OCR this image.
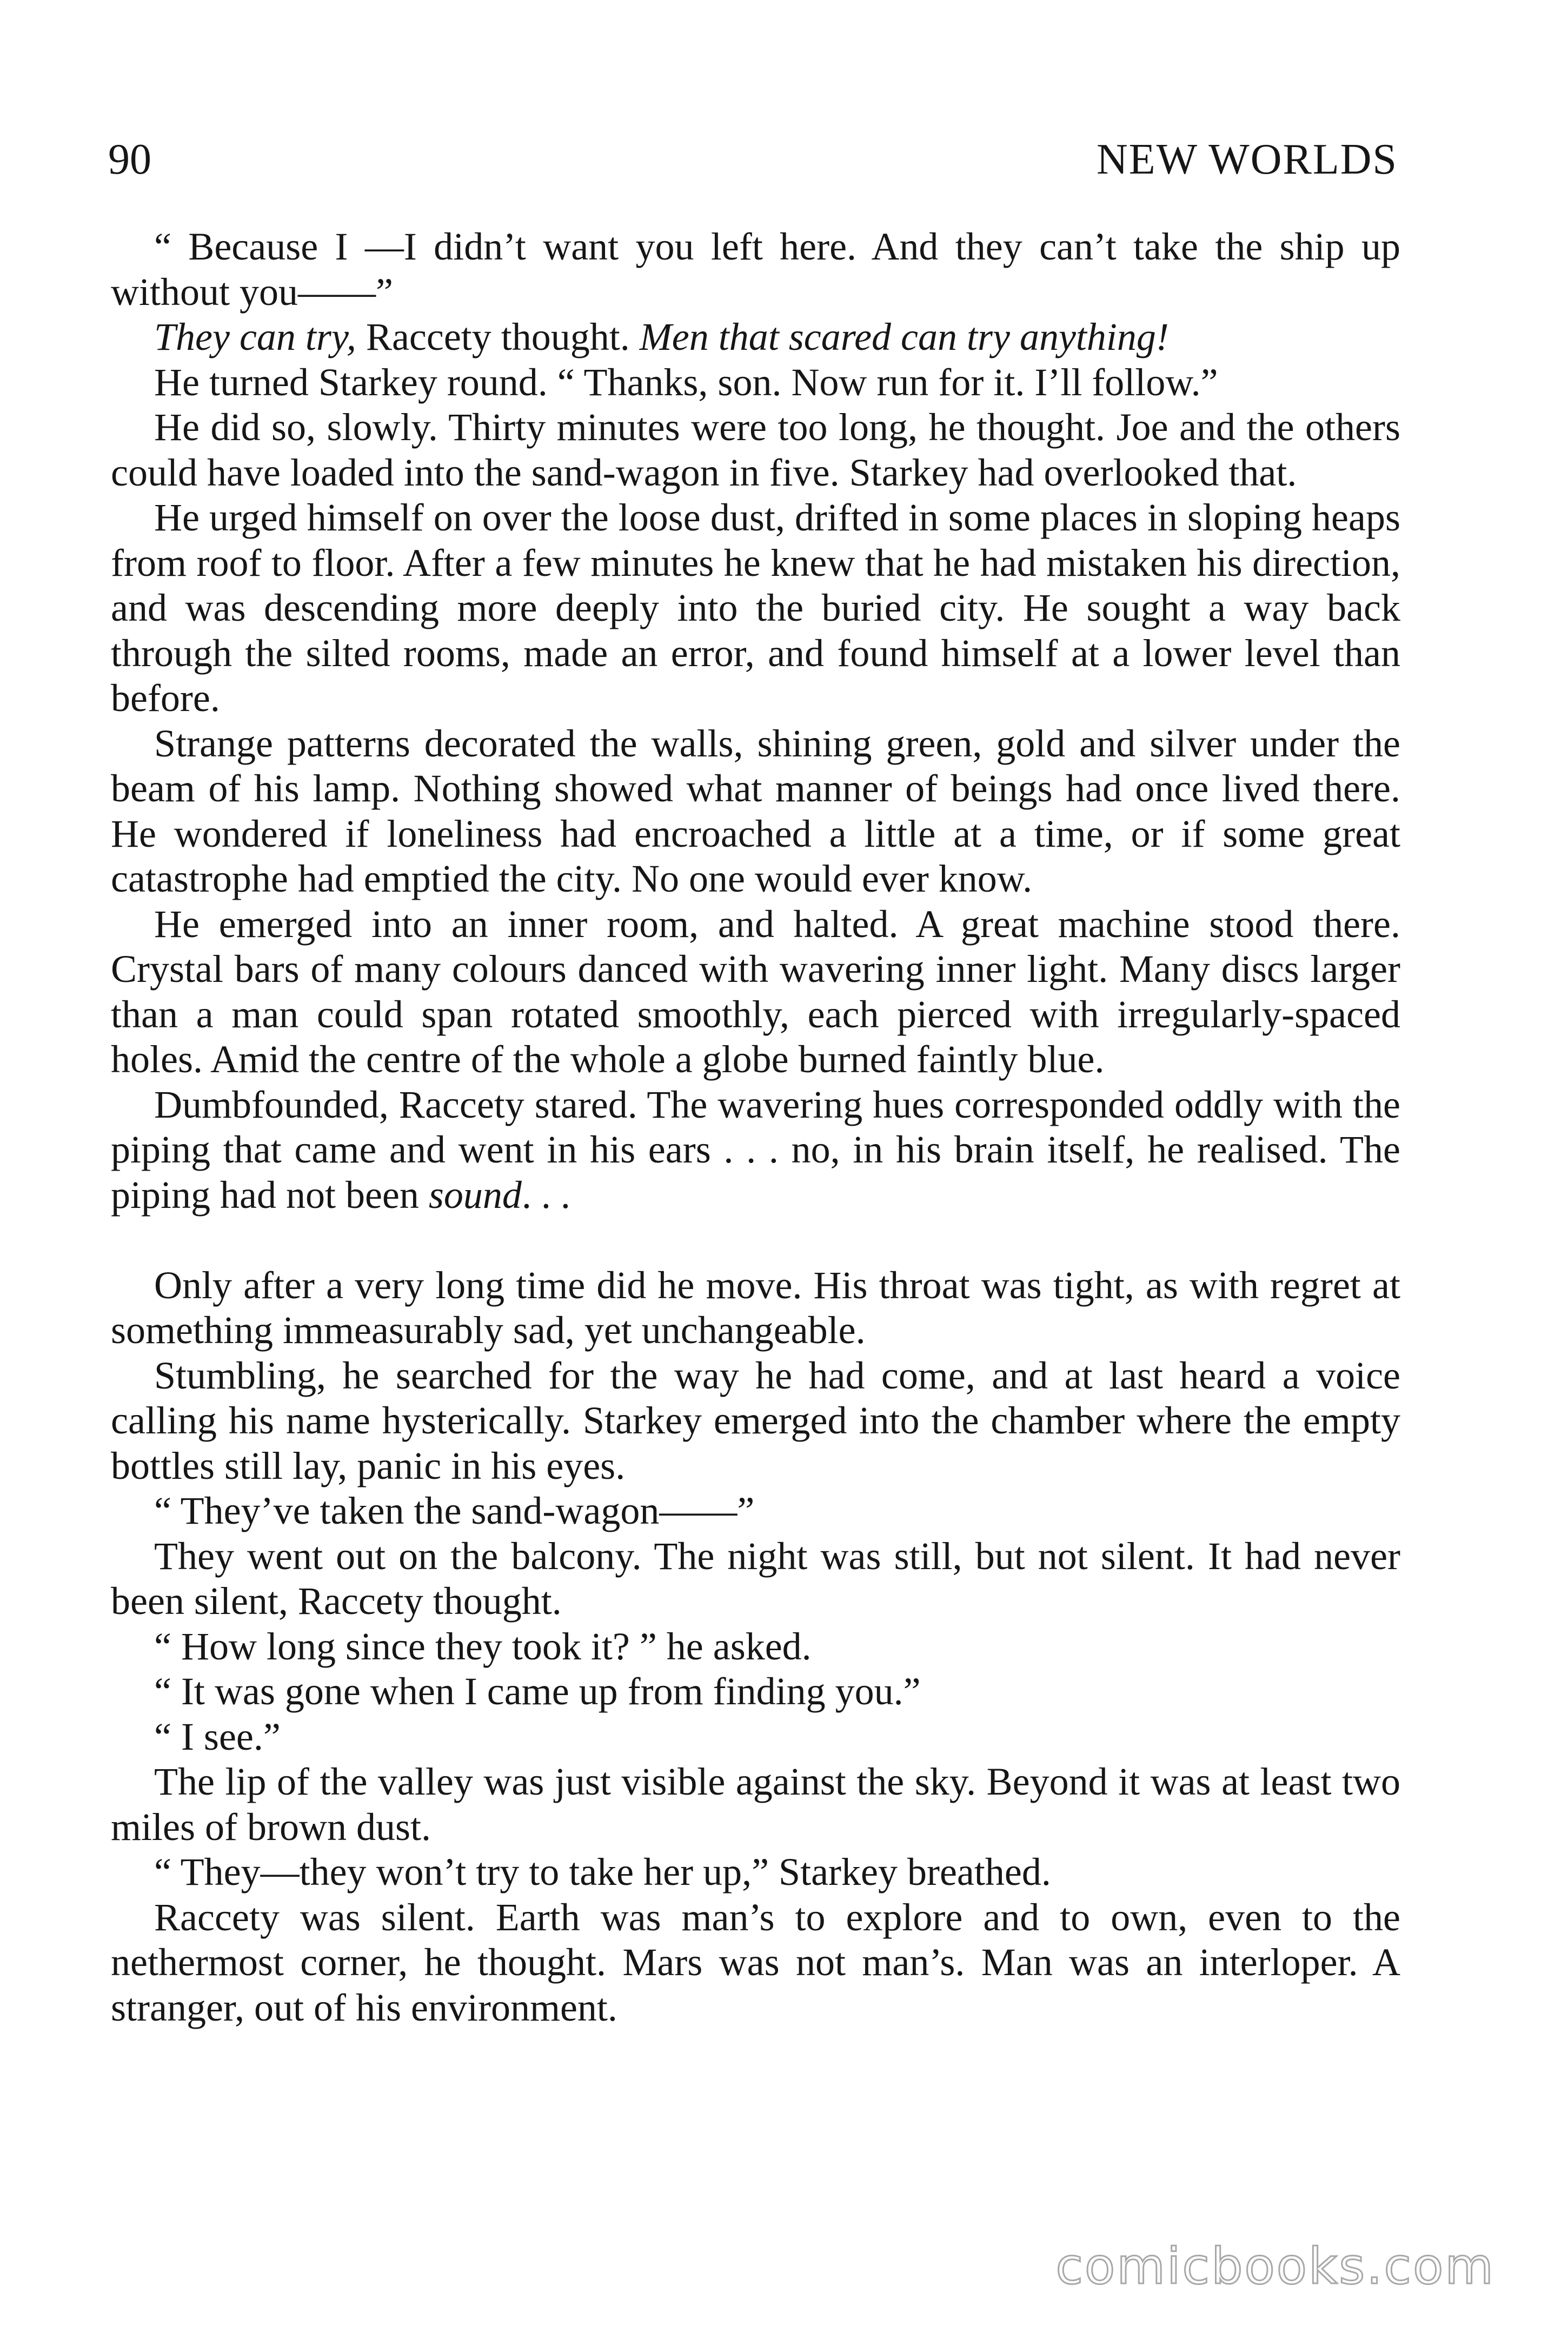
90	NEW WORLDS

“ Because I —I didn’t want you left here. And they can’t take the ship up without you——”

They can try, Raccety thought. Men that scared can try anything!

He turned Starkey round. “ Thanks, son. Now run for it. I’ll follow.”

He did so, slowly. Thirty minutes were too long, he thought. Joe and the others could have loaded into the sand-wagon in five. Starkey had overlooked that.

He urged himself on over the loose dust, drifted in some places in sloping heaps from roof to floor. After a few minutes he knew that he had mistaken his direction, and was descending more deeply into the buried city. He sought a way back through the silted rooms, made an error, and found himself at a lower level than before.

Strange patterns decorated the walls, shining green, gold and silver under the beam of his lamp. Nothing showed what manner of beings had once lived there. He wondered if loneliness had encroached a little at a time, or if some great catastrophe had emptied the city. No one would ever know.

He emerged into an inner room, and halted. A great machine stood there. Crystal bars of many colours danced with wavering inner light. Many discs larger than a man could span rotated smoothly, each pierced with irregularly-spaced holes. Amid the centre of the whole a globe burned faintly blue.

Dumbfounded, Raccety stared. The wavering hues corresponded oddly with the piping that came and went in his ears . . . no, in his brain itself, he realised. The piping had not been sound. . .

Only after a very long time did he move. His throat was tight, as with regret at something immeasurably sad, yet unchangeable.

Stumbling, he searched for the way he had come, and at last heard a voice calling his name hysterically. Starkey emerged into the chamber where the empty bottles still lay, panic in his eyes.

“ They’ve taken the sand-wagon——”

They went out on the balcony. The night was still, but not silent. It had never been silent, Raccety thought.

“ How long since they took it? ” he asked.

“ It was gone when I came up from finding you.”

“ I see.”

The lip of the valley was just visible against the sky. Beyond it was at least two miles of brown dust.

“ They—they won’t try to take her up,” Starkey breathed.

Raccety was silent. Earth was man’s to explore and to own, even to the nethermost corner, he thought. Mars was not man’s. Man was an interloper. A stranger, out of his environment.

comicbooks.com
